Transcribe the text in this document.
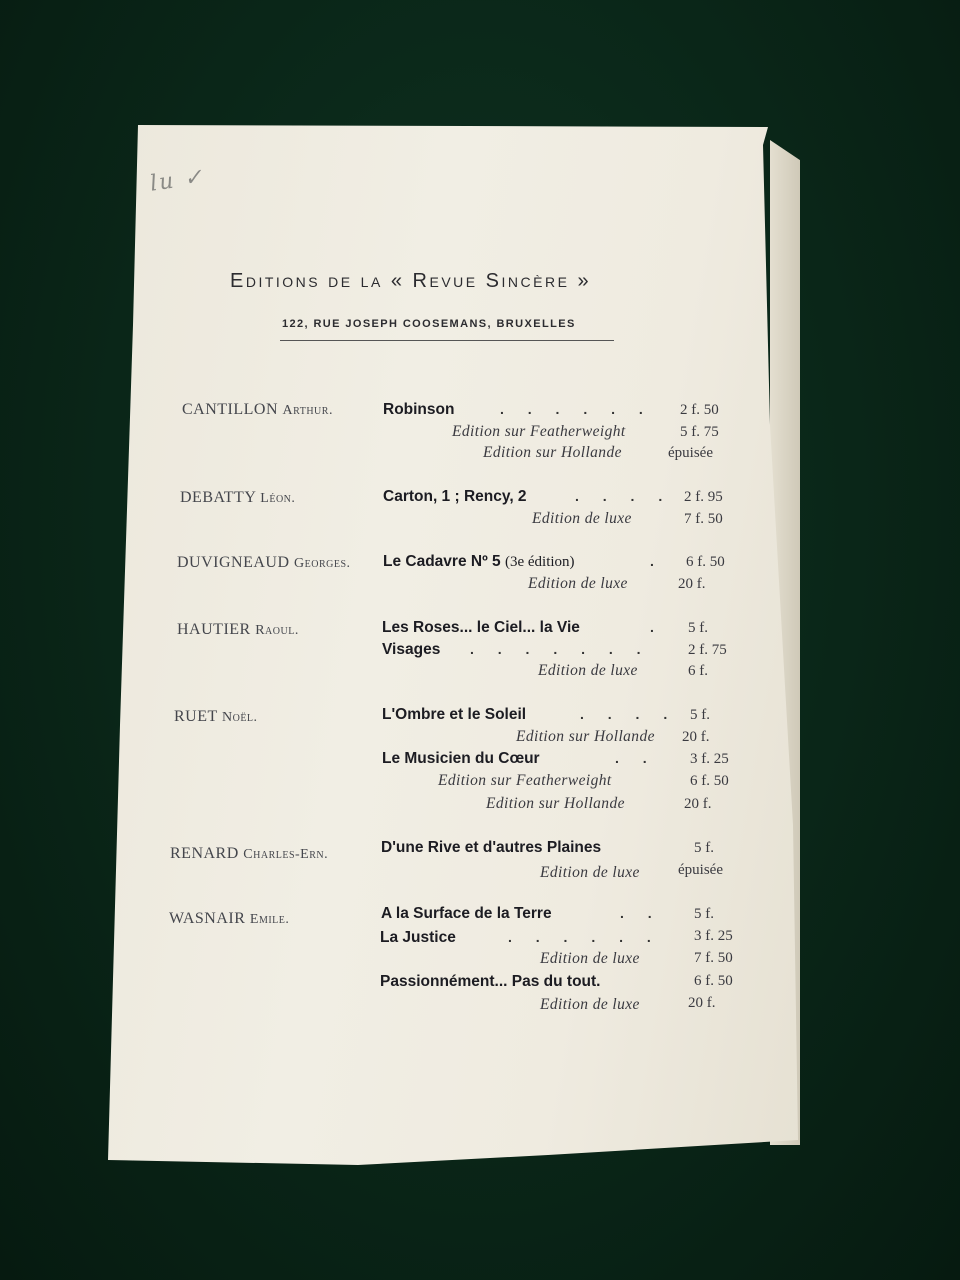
lu ✓
Editions de la « Revue Sincère »
122, RUE JOSEPH COOSEMANS, BRUXELLES
CANTILLON Arthur.	Robinson	. . . . . . 2 f. 50
Edition sur Featherweight	5 f. 75
Edition sur Hollande	épuisée
DEBATTY Léon.	Carton, 1 ; Rency, 2	. . . . 2 f. 95
Edition de luxe	7 f. 50
DUVIGNEAUD Georges. Le Cadavre Nº 5 (3e édition)	. 6 f. 50
Edition de luxe	20 f.
HAUTIER Raoul.	Les Roses... le Ciel... la Vie	. 5 f.
Visages . . . . . . . 2 f. 75
Edition de luxe	6 f.
RUET Noël.	L'Ombre et le Soleil	. . . . 5 f.
Edition sur Hollande 20 f.
Le Musicien du Cœur	. . 3 f. 25
Edition sur Featherweight	6 f. 50
Edition sur Hollande	20 f.
RENARD Charles-Ern.	D'une Rive et d'autres Plaines	5 f.
Edition de luxe	épuisée
WASNAIR Emile.	A la Surface de la Terre	. . 5 f.
La Justice	. . . . . . 3 f. 25
Edition de luxe	7 f. 50
Passionnément... Pas du tout.	6 f. 50
Edition de luxe	20 f.
